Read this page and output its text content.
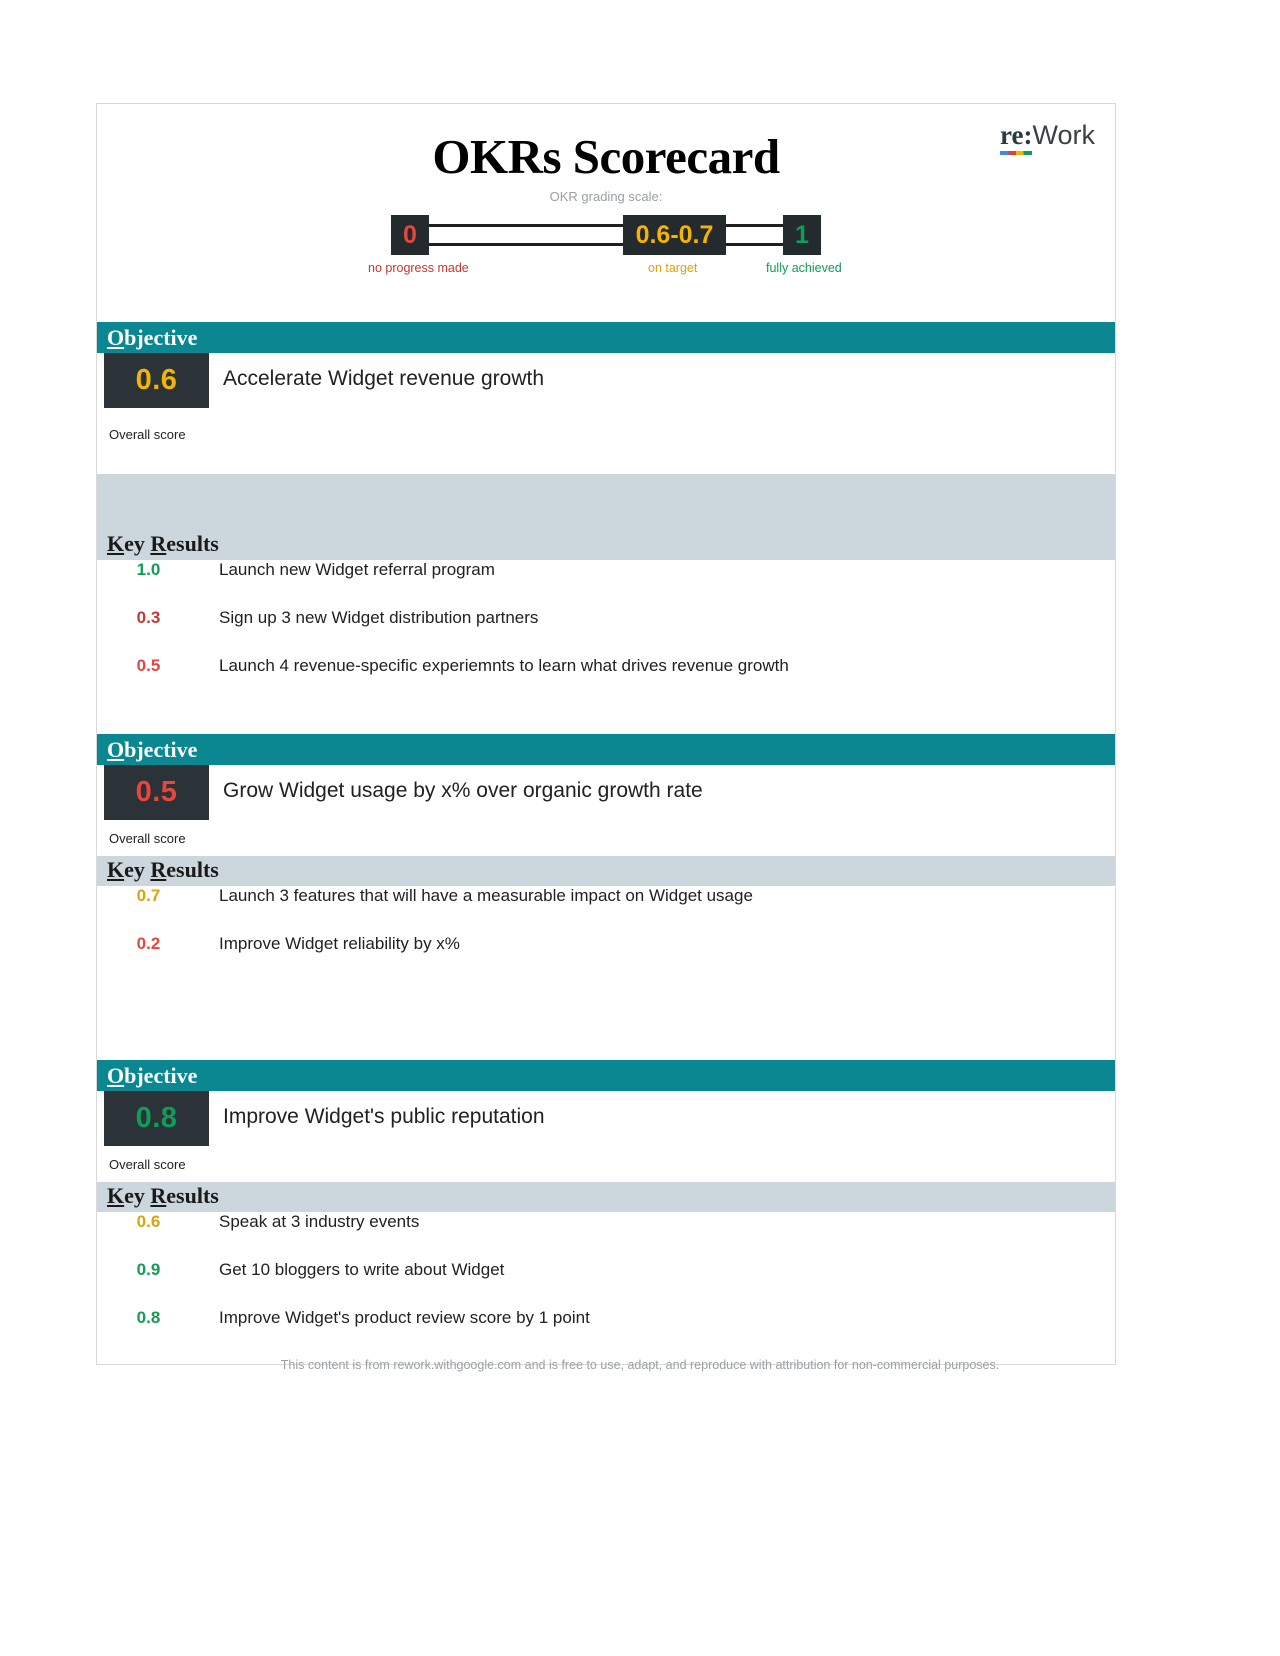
re:Work
OKRs Scorecard

OKR grading scale:

0	0.6-0.7	1
no progress made	on target	fully achieved
Objective
0.6	Accelerate Widget revenue growth
Overall score
Key Results
1.0	Launch new Widget referral program
0.3	Sign up 3 new Widget distribution partners
0.5	Launch 4 revenue-specific experiemnts to learn what drives revenue growth
Objective
0.5	Grow Widget usage by x% over organic growth rate
Overall score
Key Results
0.7	Launch 3 features that will have a measurable impact on Widget usage
0.2	Improve Widget reliability by x%
Objective
0.8	Improve Widget's public reputation
Overall score
Key Results
0.6	Speak at 3 industry events
0.9	Get 10 bloggers to write about Widget
0.8	Improve Widget's product review score by 1 point
This content is from rework.withgoogle.com and is free to use, adapt, and reproduce with attribution for non-commercial purposes.
